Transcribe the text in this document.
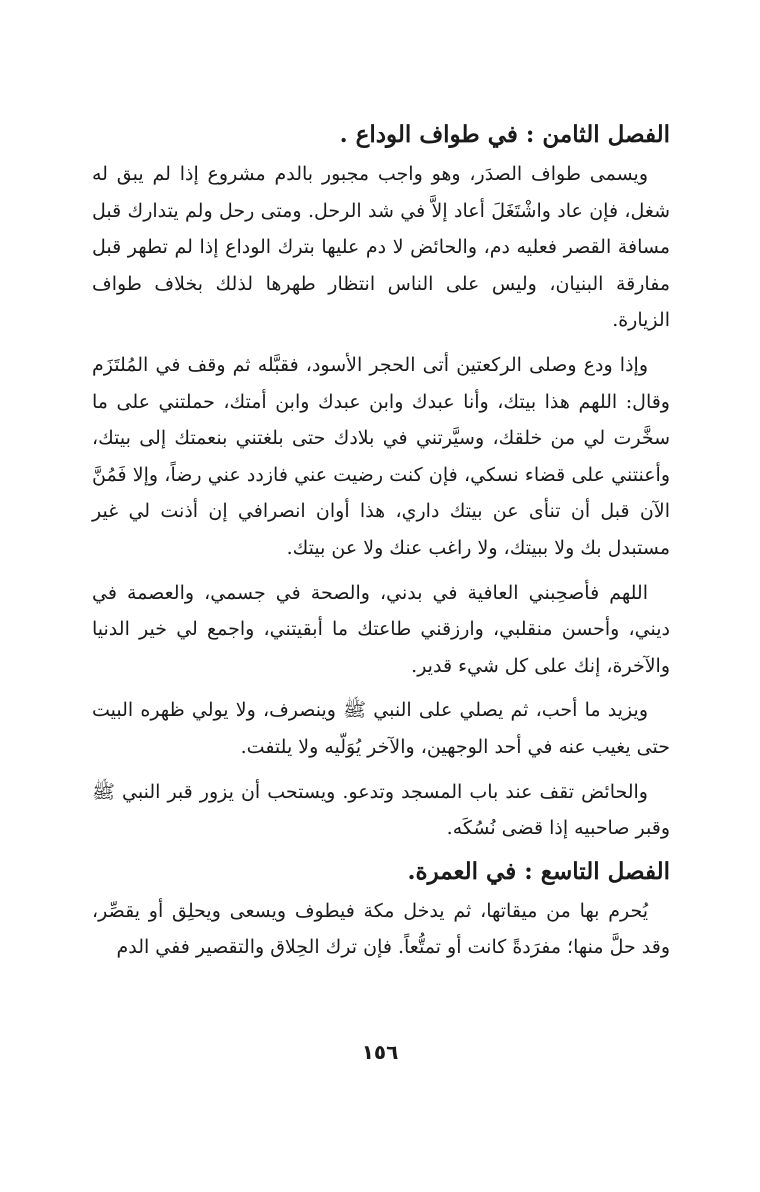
الفصل الثامن : في طواف الوداع .

ويسمى طواف الصدَر، وهو واجب مجبور بالدم مشروع إذا لم يبق له شغل، فإن عاد واشْتَغَلَ أعاد إلاَّ في شد الرحل. ومتى رحل ولم يتدارك قبل مسافة القصر فعليه دم، والحائض لا دم عليها بترك الوداع إذا لم تطهر قبل مفارقة البنيان، وليس على الناس انتظار طهرها لذلك بخلاف طواف الزيارة.

وإذا ودع وصلى الركعتين أتى الحجر الأسود، فقبَّله ثم وقف في المُلتَزَم وقال: اللهم هذا بيتك، وأنا عبدك وابن عبدك وابن أمتك، حملتني على ما سخَّرت لي من خلقك، وسيَّرتني في بلادك حتى بلغتني بنعمتك إلى بيتك، وأعنتني على قضاء نسكي، فإن كنت رضيت عني فازدد عني رضاً، وإلا فَمُنَّ الآن قبل أن تنأى عن بيتك داري، هذا أوان انصرافي إن أذنت لي غير مستبدل بك ولا ببيتك، ولا راغب عنك ولا عن بيتك.

اللهم فأصحِبني العافية في بدني، والصحة في جسمي، والعصمة في ديني، وأحسن منقلبي، وارزقني طاعتك ما أبقيتني، واجمع لي خير الدنيا والآخرة، إنك على كل شيء قدير.

ويزيد ما أحب، ثم يصلي على النبي ﷺ وينصرف، ولا يولي ظهره البيت حتى يغيب عنه في أحد الوجهين، والآخر يُوَلّيه ولا يلتفت.

والحائض تقف عند باب المسجد وتدعو. ويستحب أن يزور قبر النبي ﷺ وقبر صاحبيه إذا قضى نُسُكَه.

الفصل التاسع : في العمرة.

يُحرم بها من ميقاتها، ثم يدخل مكة فيطوف ويسعى ويحلِق أو يقصِّر، وقد حلَّ منها؛ مفرَدةً كانت أو تمتُّعاً. فإن ترك الحِلاق والتقصير ففي الدم

١٥٦
